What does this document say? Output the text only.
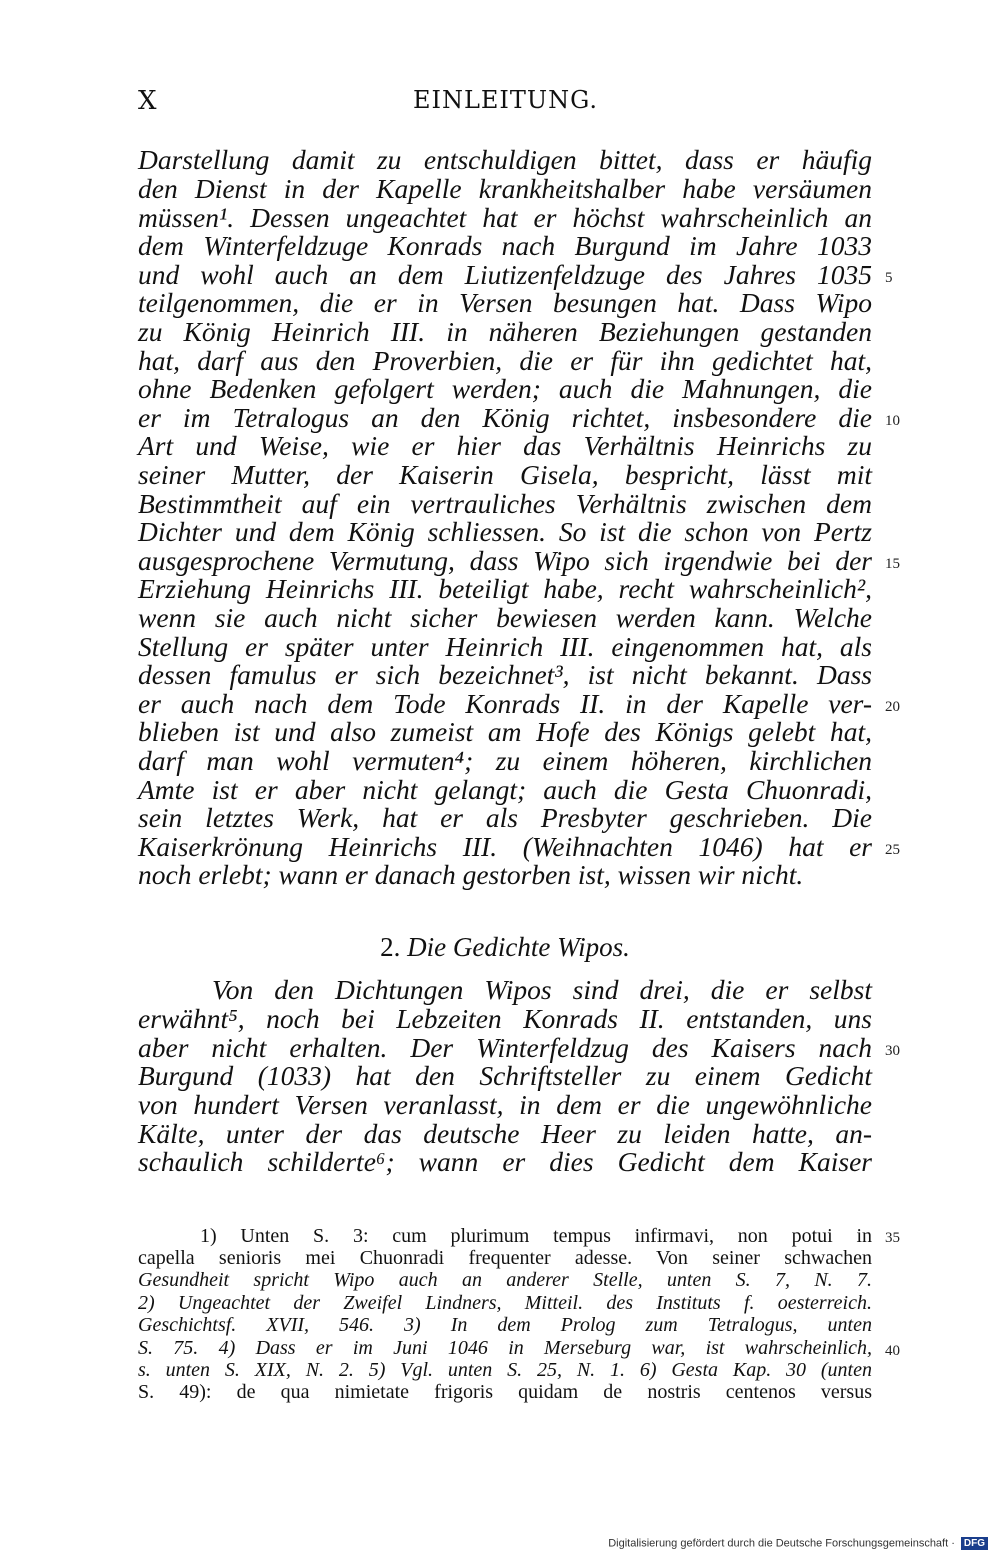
X	EINLEITUNG.
Darstellung damit zu entschuldigen bittet, dass er häufig
den Dienst in der Kapelle krankheitshalber habe versäumen
müssen¹. Dessen ungeachtet hat er höchst wahrscheinlich an
dem Winterfeldzuge Konrads nach Burgund im Jahre 1033
und wohl auch an dem Liutizenfeldzuge des Jahres 1035
teilgenommen, die er in Versen besungen hat. Dass Wipo
zu König Heinrich III. in näheren Beziehungen gestanden
hat, darf aus den Proverbien, die er für ihn gedichtet hat,
ohne Bedenken gefolgert werden; auch die Mahnungen, die
er im Tetralogus an den König richtet, insbesondere die
Art und Weise, wie er hier das Verhältnis Heinrichs zu
seiner Mutter, der Kaiserin Gisela, bespricht, lässt mit
Bestimmtheit auf ein vertrauliches Verhältnis zwischen dem
Dichter und dem König schliessen. So ist die schon von Pertz
ausgesprochene Vermutung, dass Wipo sich irgendwie bei der
Erziehung Heinrichs III. beteiligt habe, recht wahrscheinlich²,
wenn sie auch nicht sicher bewiesen werden kann. Welche
Stellung er später unter Heinrich III. eingenommen hat, als
dessen famulus er sich bezeichnet³, ist nicht bekannt. Dass
er auch nach dem Tode Konrads II. in der Kapelle ver-
blieben ist und also zumeist am Hofe des Königs gelebt hat,
darf man wohl vermuten⁴; zu einem höheren, kirchlichen
Amte ist er aber nicht gelangt; auch die Gesta Chuonradi,
sein letztes Werk, hat er als Presbyter geschrieben. Die
Kaiserkrönung Heinrichs III. (Weihnachten 1046) hat er
noch erlebt; wann er danach gestorben ist, wissen wir nicht.
2. Die Gedichte Wipos.
Von den Dichtungen Wipos sind drei, die er selbst
erwähnt⁵, noch bei Lebzeiten Konrads II. entstanden, uns
aber nicht erhalten. Der Winterfeldzug des Kaisers nach
Burgund (1033) hat den Schriftsteller zu einem Gedicht
von hundert Versen veranlasst, in dem er die ungewöhnliche
Kälte, unter der das deutsche Heer zu leiden hatte, an-
schaulich schilderte⁶; wann er dies Gedicht dem Kaiser
1) Unten S. 3: cum plurimum tempus infirmavi, non potui in
capella senioris mei Chuonradi frequenter adesse. Von seiner schwachen
Gesundheit spricht Wipo auch an anderer Stelle, unten S. 7, N. 7.
2) Ungeachtet der Zweifel Lindners, Mitteil. des Instituts f. oesterreich.
Geschichtsf. XVII, 546. 3) In dem Prolog zum Tetralogus, unten
S. 75. 4) Dass er im Juni 1046 in Merseburg war, ist wahrscheinlich,
s. unten S. XIX, N. 2. 5) Vgl. unten S. 25, N. 1. 6) Gesta Kap. 30 (unten
S. 49): de qua nimietate frigoris quidam de nostris centenos versus
5
10
15
20
25
30
35
40
Digitalisierung gefördert durch die Deutsche Forschungsgemeinschaft · DFG
